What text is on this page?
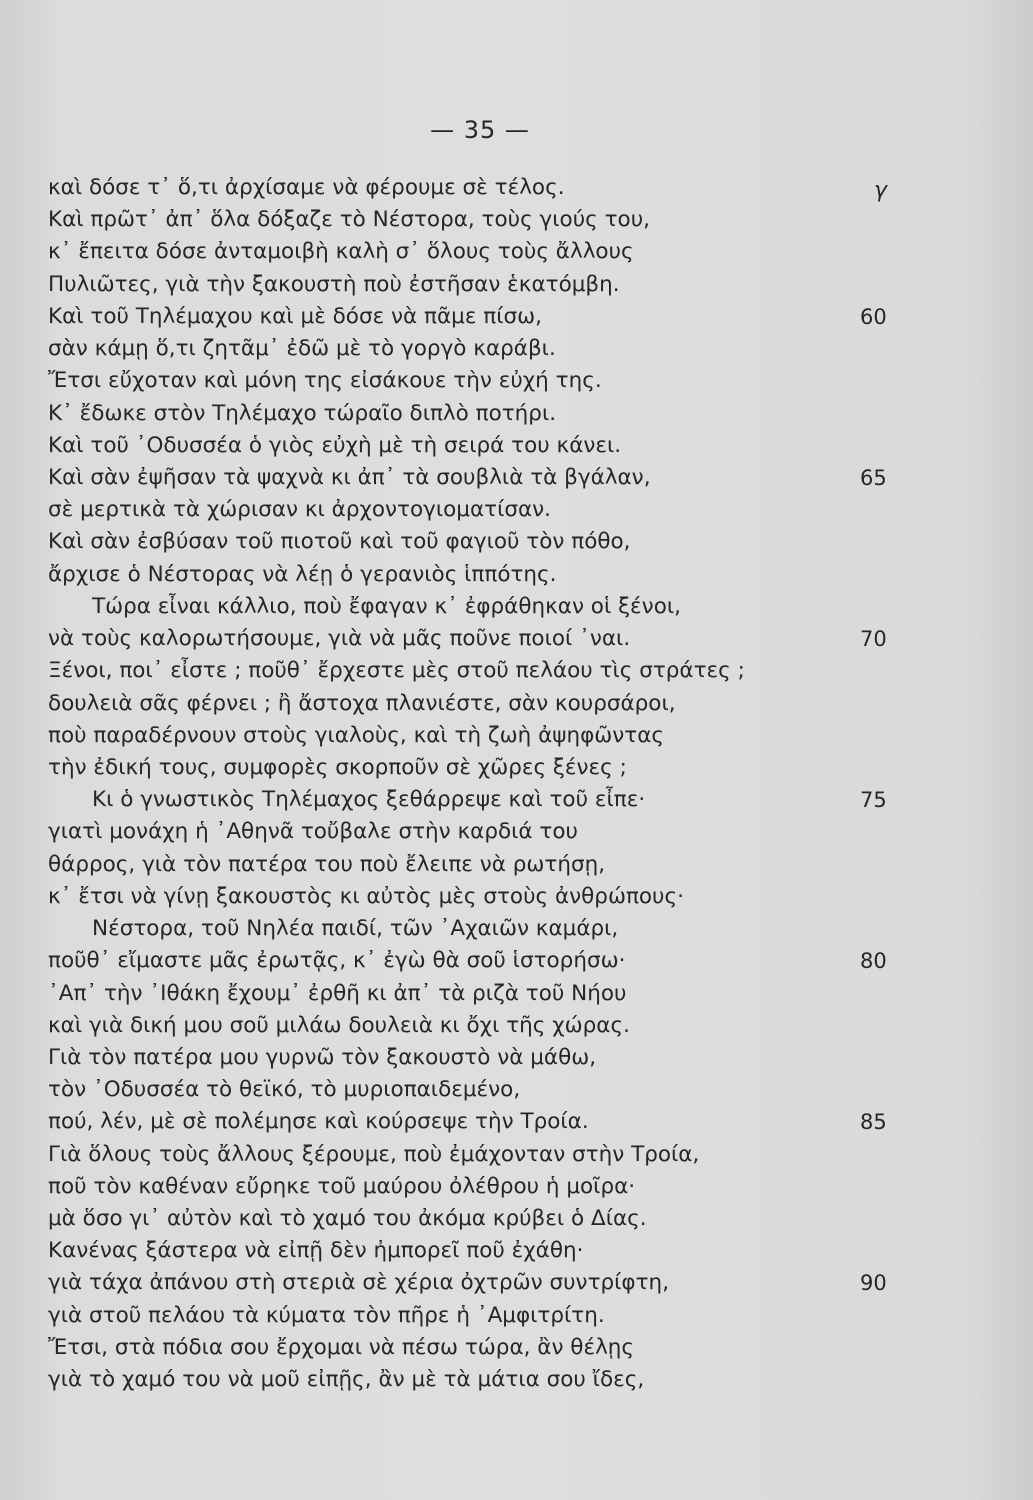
— 35 —
γ
καὶ δόσε τ᾽ ὅ,τι ἀρχίσαμε νὰ φέρουμε σὲ τέλος.
Καὶ πρῶτ᾽ ἀπ᾽ ὅλα δόξαζε τὸ Νέστορα, τοὺς γιούς του,
κ᾽ ἔπειτα δόσε ἀνταμοιβὴ καλὴ σ᾽ ὅλους τοὺς ἄλλους
Πυλιῶτες, γιὰ τὴν ξακουστὴ ποὺ ἐστῆσαν ἑκατόμβη.
Καὶ τοῦ Τηλέμαχου καὶ μὲ δόσε νὰ πᾶμε πίσω,	60
σὰν κάμῃ ὅ,τι ζητᾶμ᾽ ἐδῶ μὲ τὸ γοργὸ καράβι.
Ἔτσι εὔχοταν καὶ μόνη της εἰσάκουε τὴν εὐχή της.
Κ᾽ ἔδωκε στὸν Τηλέμαχο τώραῖο διπλὸ ποτήρι.
Καὶ τοῦ ᾽Οδυσσέα ὁ γιὸς εὐχὴ μὲ τὴ σειρά του κάνει.
Καὶ σὰν ἐψῆσαν τὰ ψαχνὰ κι ἀπ᾽ τὰ σουβλιὰ τὰ βγάλαν,	65
σὲ μερτικὰ τὰ χώρισαν κι ἀρχοντογιοματίσαν.
Καὶ σὰν ἐσβύσαν τοῦ πιοτοῦ καὶ τοῦ φαγιοῦ τὸν πόθο,
ἄρχισε ὁ Νέστορας νὰ λέῃ ὁ γερανιὸς ἱππότης.
Τώρα εἶναι κάλλιο, ποὺ ἔφαγαν κ᾽ ἐφράθηκαν οἱ ξένοι,
νὰ τοὺς καλορωτήσουμε, γιὰ νὰ μᾶς ποῦνε ποιοί ᾽ναι.	70
Ξένοι, ποι᾽ εἶστε ; ποῦθ᾽ ἔρχεστε μὲς στοῦ πελάου τὶς στράτες ;
δουλειὰ σᾶς φέρνει ; ἢ ἄστοχα πλανιέστε, σὰν κουρσάροι,
ποὺ παραδέρνουν στοὺς γιαλοὺς, καὶ τὴ ζωὴ ἀψηφῶντας
τὴν ἐδική τους, συμφορὲς σκορποῦν σὲ χῶρες ξένες ;
Κι ὁ γνωστικὸς Τηλέμαχος ξεθάρρεψε καὶ τοῦ εἶπε·	75
γιατὶ μονάχη ἡ ᾽Αθηνᾶ τοὔβαλε στὴν καρδιά του
θάρρος, γιὰ τὸν πατέρα του ποὺ ἔλειπε νὰ ρωτήσῃ,
κ᾽ ἔτσι νὰ γίνῃ ξακουστὸς κι αὐτὸς μὲς στοὺς ἀνθρώπους·
Νέστορα, τοῦ Νηλέα παιδί, τῶν ᾽Αχαιῶν καμάρι,
ποῦθ᾽ εἴμαστε μᾶς ἐρωτᾷς, κ᾽ ἐγὼ θὰ σοῦ ἱστορήσω·	80
᾽Απ᾽ τὴν ᾽Ιθάκη ἔχουμ᾽ ἐρθῆ κι ἀπ᾽ τὰ ριζὰ τοῦ Νήου
καὶ γιὰ δική μου σοῦ μιλάω δουλειὰ κι ὄχι τῆς χώρας.
Γιὰ τὸν πατέρα μου γυρνῶ τὸν ξακουστὸ νὰ μάθω,
τὸν ᾽Οδυσσέα τὸ θεϊκό, τὸ μυριοπαιδεμένο,
πού, λέν, μὲ σὲ πολέμησε καὶ κούρσεψε τὴν Τροία.	85
Γιὰ ὅλους τοὺς ἄλλους ξέρουμε, ποὺ ἐμάχονταν στὴν Τροία,
ποῦ τὸν καθέναν εὔρηκε τοῦ μαύρου ὀλέθρου ἡ μοῖρα·
μὰ ὅσο γι᾽ αὐτὸν καὶ τὸ χαμό του ἀκόμα κρύβει ὁ Δίας.
Κανένας ξάστερα νὰ εἰπῇ δὲν ἠμπορεῖ ποῦ ἐχάθη·
γιὰ τάχα ἀπάνου στὴ στεριὰ σὲ χέρια ὀχτρῶν συντρίφτη,	90
γιὰ στοῦ πελάου τὰ κύματα τὸν πῆρε ἡ ᾽Αμφιτρίτη.
Ἔτσι, στὰ πόδια σου ἔρχομαι νὰ πέσω τώρα, ἂν θέλῃς
γιὰ τὸ χαμό του νὰ μοῦ εἰπῇς, ἂν μὲ τὰ μάτια σου ἴδες,
